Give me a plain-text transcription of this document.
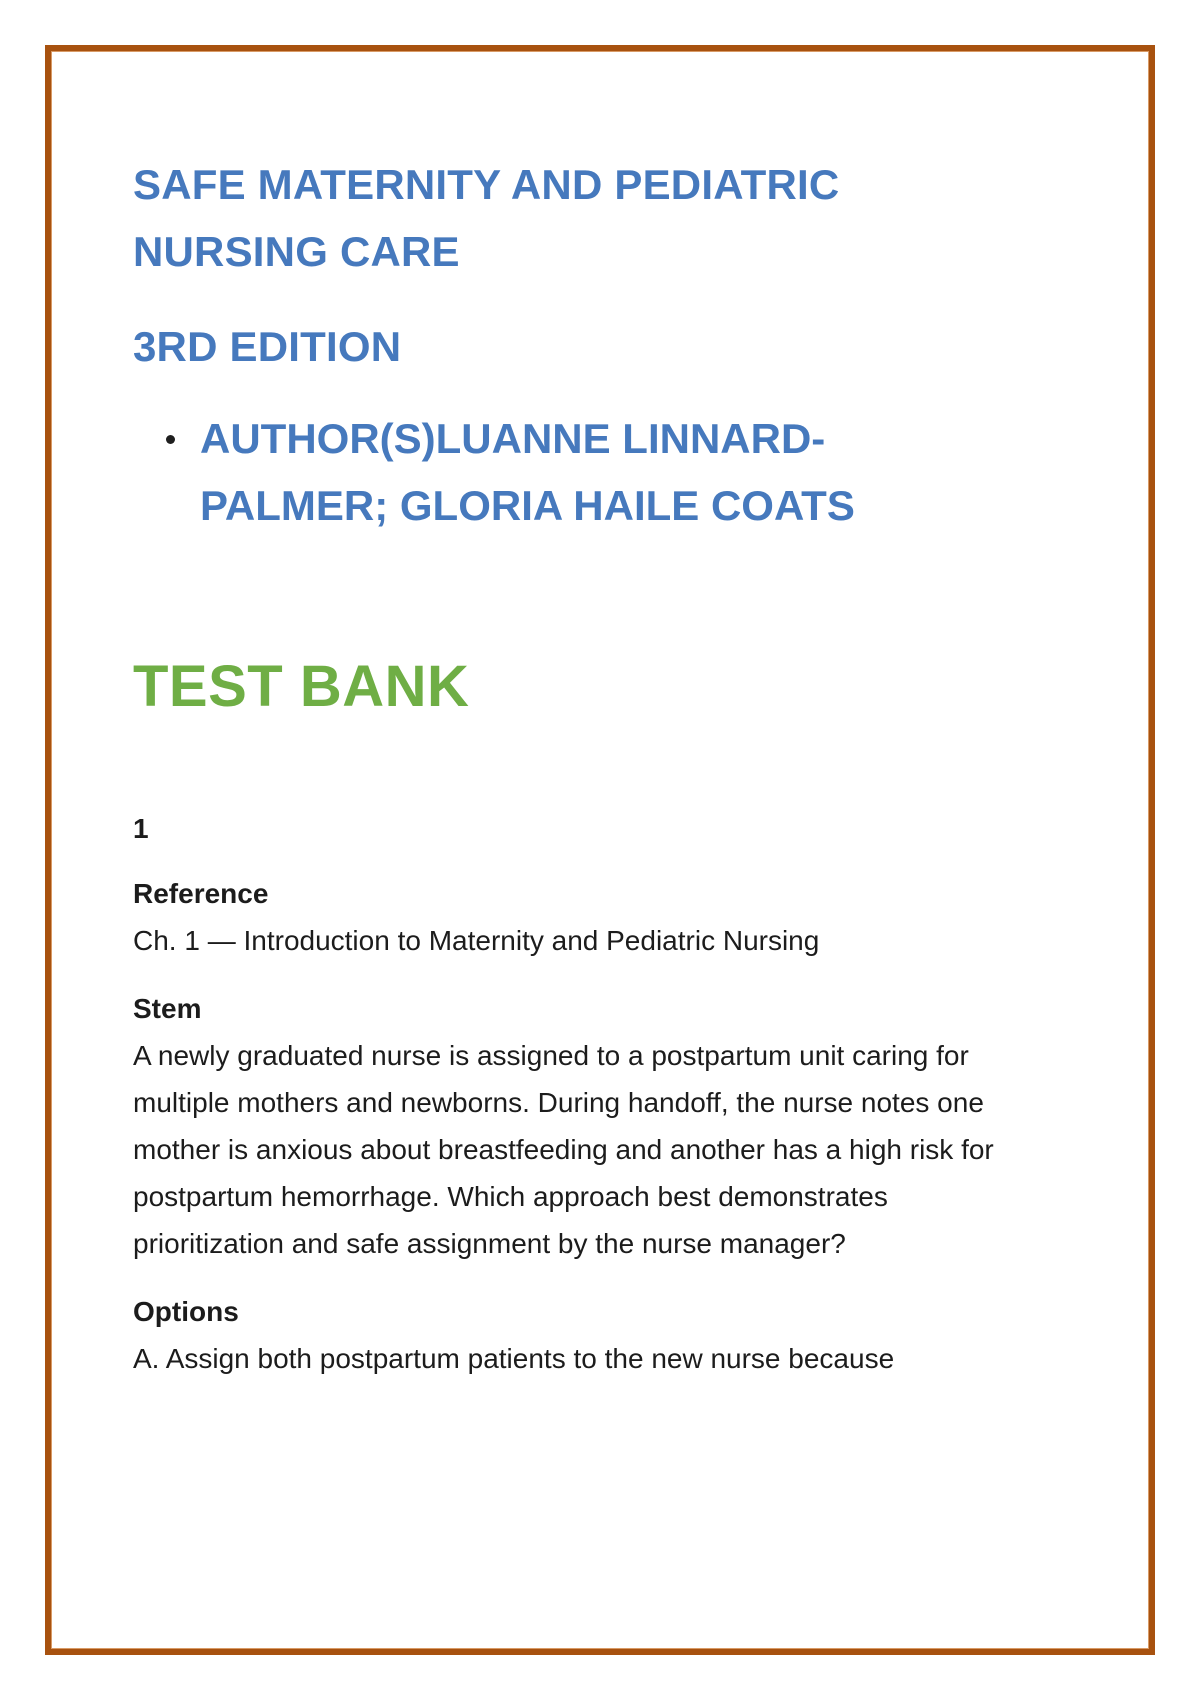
SAFE MATERNITY AND PEDIATRIC NURSING CARE
3RD EDITION
AUTHOR(S)LUANNE LINNARD-PALMER; GLORIA HAILE COATS
TEST BANK

1

Reference

Ch. 1 — Introduction to Maternity and Pediatric Nursing

Stem

A newly graduated nurse is assigned to a postpartum unit caring for multiple mothers and newborns. During handoff, the nurse notes one mother is anxious about breastfeeding and another has a high risk for postpartum hemorrhage. Which approach best demonstrates prioritization and safe assignment by the nurse manager?

Options

A. Assign both postpartum patients to the new nurse because
